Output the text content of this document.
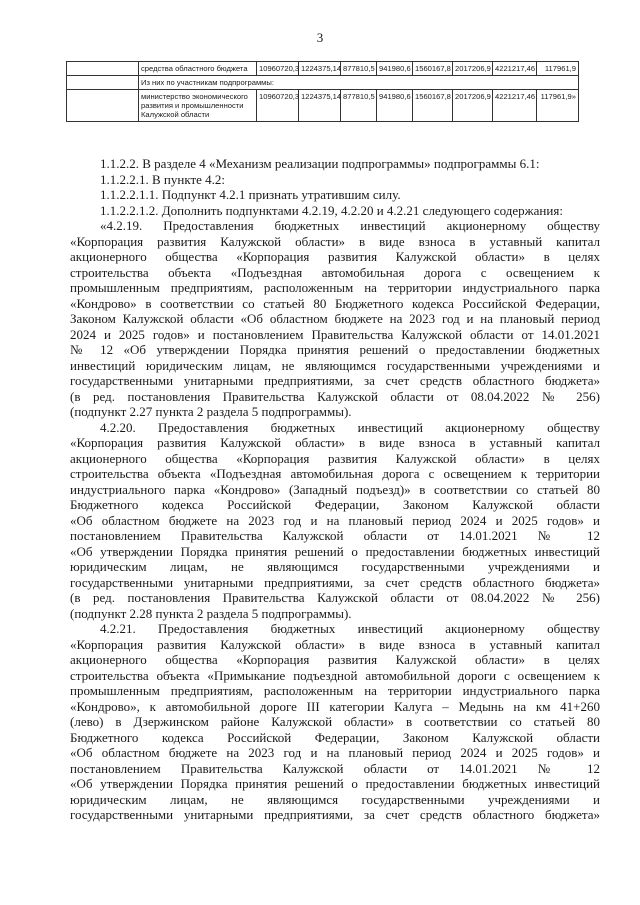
3
	средства областного бюджета	10960720,3	1224375,14	877810,5	941980,6	1560167,8	2017206,9	4221217,46	117961,9
	Из них по участникам подпрограммы:								
	министерство экономического развития и промышленности Калужской области	10960720,3	1224375,14	877810,5	941980,6	1560167,8	2017206,9	4221217,46	117961,9»
1.1.2.2. В разделе 4 «Механизм реализации подпрограммы» подпрограммы 6.1:
1.1.2.2.1. В пункте 4.2:
1.1.2.2.1.1. Подпункт 4.2.1 признать утратившим силу.
1.1.2.2.1.2. Дополнить подпунктами 4.2.19, 4.2.20 и 4.2.21 следующего содержания:
«4.2.19. Предоставления бюджетных инвестиций акционерному обществу
«Корпорация развития Калужской области» в виде взноса в уставный капитал
акционерного общества «Корпорация развития Калужской области» в целях
строительства объекта «Подъездная автомобильная дорога с освещением к
промышленным предприятиям, расположенным на территории индустриального парка
«Кондрово» в соответствии со статьей 80 Бюджетного кодекса Российской Федерации,
Законом Калужской области «Об областном бюджете на 2023 год и на плановый период
2024 и 2025 годов» и постановлением Правительства Калужской области от 14.01.2021
№ 12 «Об утверждении Порядка принятия решений о предоставлении бюджетных
инвестиций юридическим лицам, не являющимся государственными учреждениями и
государственными унитарными предприятиями, за счет средств областного бюджета»
(в ред. постановления Правительства Калужской области от 08.04.2022 № 256)
(подпункт 2.27 пункта 2 раздела 5 подпрограммы).
4.2.20. Предоставления бюджетных инвестиций акционерному обществу
«Корпорация развития Калужской области» в виде взноса в уставный капитал
акционерного общества «Корпорация развития Калужской области» в целях
строительства объекта «Подъездная автомобильная дорога с освещением к территории
индустриального парка «Кондрово» (Западный подъезд)» в соответствии со статьей 80
Бюджетного кодекса Российской Федерации, Законом Калужской области
«Об областном бюджете на 2023 год и на плановый период 2024 и 2025 годов» и
постановлением Правительства Калужской области от 14.01.2021 № 12
«Об утверждении Порядка принятия решений о предоставлении бюджетных инвестиций
юридическим лицам, не являющимся государственными учреждениями и
государственными унитарными предприятиями, за счет средств областного бюджета»
(в ред. постановления Правительства Калужской области от 08.04.2022 № 256)
(подпункт 2.28 пункта 2 раздела 5 подпрограммы).
4.2.21. Предоставления бюджетных инвестиций акционерному обществу
«Корпорация развития Калужской области» в виде взноса в уставный капитал
акционерного общества «Корпорация развития Калужской области» в целях
строительства объекта «Примыкание подъездной автомобильной дороги с освещением к
промышленным предприятиям, расположенным на территории индустриального парка
«Кондрово», к автомобильной дороге III категории Калуга – Медынь на км 41+260
(лево) в Дзержинском районе Калужской области» в соответствии со статьей 80
Бюджетного кодекса Российской Федерации, Законом Калужской области
«Об областном бюджете на 2023 год и на плановый период 2024 и 2025 годов» и
постановлением Правительства Калужской области от 14.01.2021 № 12
«Об утверждении Порядка принятия решений о предоставлении бюджетных инвестиций
юридическим лицам, не являющимся государственными учреждениями и
государственными унитарными предприятиями, за счет средств областного бюджета»
